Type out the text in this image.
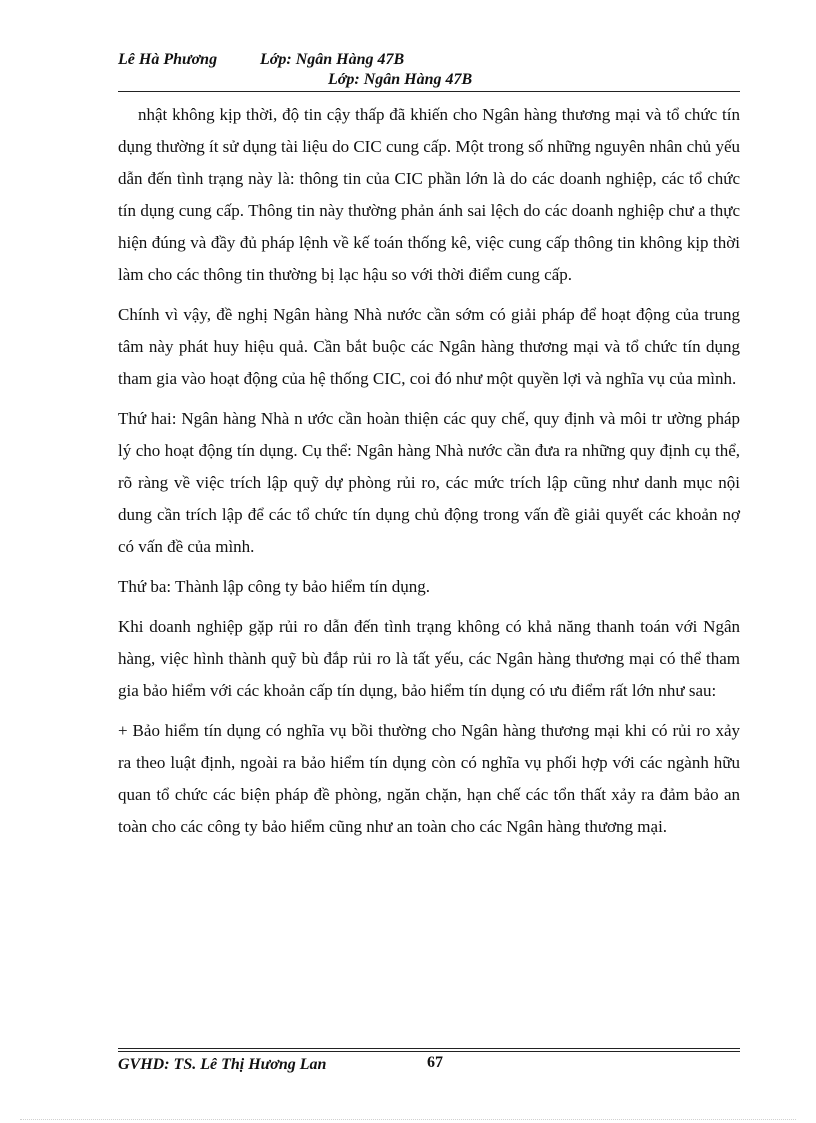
Lê Hà Phương	Lớp: Ngân Hàng 47B
Lớp: Ngân Hàng 47B

nhật không kịp thời, độ tin cậy thấp đã khiến cho Ngân hàng thương mại và tổ chức tín dụng thường ít sử dụng tài liệu do CIC cung cấp. Một trong số những nguyên nhân chủ yếu dẫn đến tình trạng này là: thông tin của CIC phần lớn là do các doanh nghiệp, các tổ chức tín dụng cung cấp. Thông tin này thường phản ánh sai lệch do các doanh nghiệp chư a thực hiện đúng và đầy đủ pháp lệnh về kế toán thống kê, việc cung cấp thông tin không kịp thời làm cho các thông tin thường bị lạc hậu so với thời điểm cung cấp.

Chính vì vậy, đề nghị Ngân hàng Nhà nước cần sớm có giải pháp để hoạt động của trung tâm này phát huy hiệu quả. Cần bắt buộc các Ngân hàng thương mại và tổ chức tín dụng tham gia vào hoạt động của hệ thống CIC, coi đó như một quyền lợi và nghĩa vụ của mình.

Thứ hai: Ngân hàng Nhà n ước cần hoàn thiện các quy chế, quy định và môi tr ường pháp lý cho hoạt động tín dụng. Cụ thể: Ngân hàng Nhà nước cần đưa ra những quy định cụ thể, rõ ràng về việc trích lập quỹ dự phòng rủi ro, các mức trích lập cũng như danh mục nội dung cần trích lập để các tổ chức tín dụng chủ động trong vấn đề giải quyết các khoản nợ có vấn đề của mình.

Thứ ba: Thành lập công ty bảo hiểm tín dụng.

Khi doanh nghiệp gặp rủi ro dẫn đến tình trạng không có khả năng thanh toán với Ngân hàng, việc hình thành quỹ bù đắp rủi ro là tất yếu, các Ngân hàng thương mại có thể tham gia bảo hiểm với các khoản cấp tín dụng, bảo hiểm tín dụng có ưu điểm rất lớn như sau:

+ Bảo hiểm tín dụng có nghĩa vụ bồi thường cho Ngân hàng thương mại khi có rủi ro xảy ra theo luật định, ngoài ra bảo hiểm tín dụng còn có nghĩa vụ phối hợp với các ngành hữu quan tổ chức các biện pháp đề phòng, ngăn chặn, hạn chế các tổn thất xảy ra đảm bảo an toàn cho các công ty bảo hiểm cũng như an toàn cho các Ngân hàng thương mại.

GVHD: TS. Lê Thị Hương Lan	67
